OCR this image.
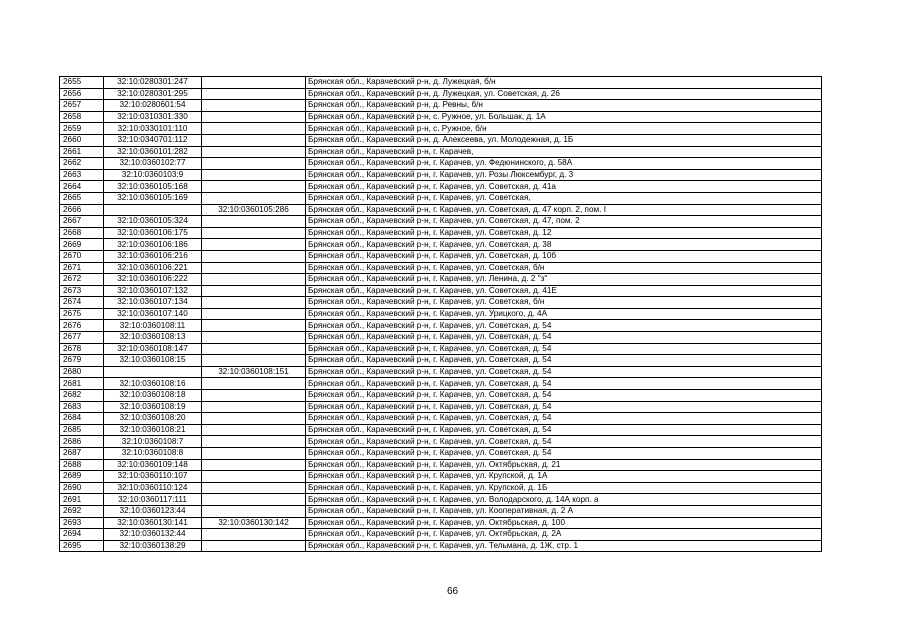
2655	32:10:0280301:247		Брянская обл., Карачевский р-н, д. Лужецкая, б/н
2656	32:10:0280301:295		Брянская обл., Карачевский р-н, д. Лужецкая, ул. Советская, д. 26
2657	32:10:0280601:54		Брянская обл., Карачевский р-н, д. Ревны, б/н
2658	32:10:0310301:330		Брянская обл., Карачевский р-н, с. Ружное, ул. Большак, д. 1А
2659	32:10:0330101:110		Брянская обл., Карачевский р-н, с. Ружное, б/н
2660	32:10:0340701:112		Брянская обл., Карачевский р-н, д. Алексеева, ул. Молодежная, д. 1Б
2661	32:10:0360101:282		Брянская обл., Карачевский р-н, г. Карачев,
2662	32:10:0360102:77		Брянская обл., Карачевский р-н, г. Карачев, ул. Федюнинского, д. 58А
2663	32:10:0360103:9		Брянская обл., Карачевский р-н, г. Карачев, ул. Розы Люксембург, д. 3
2664	32:10:0360105:168		Брянская обл., Карачевский р-н, г. Карачев, ул. Советская, д. 41а
2665	32:10:0360105:169		Брянская обл., Карачевский р-н, г. Карачев, ул. Советская,
2666		32:10:0360105:286	Брянская обл., Карачевский р-н, г. Карачев, ул. Советская, д. 47 корп. 2, пом. I
2667	32:10:0360105:324		Брянская обл., Карачевский р-н, г. Карачев, ул. Советская, д. 47, пом. 2
2668	32:10:0360106:175		Брянская обл., Карачевский р-н, г. Карачев, ул. Советская, д. 12
2669	32:10:0360106:186		Брянская обл., Карачевский р-н, г. Карачев, ул. Советская, д. 38
2670	32:10:0360106:216		Брянская обл., Карачевский р-н, г. Карачев, ул. Советская, д. 10б
2671	32:10:0360106:221		Брянская обл., Карачевский р-н, г. Карачев, ул. Советская, б/н
2672	32:10:0360106:222		Брянская обл., Карачевский р-н, г. Карачев, ул. Ленина, д. 2 "з"
2673	32:10:0360107:132		Брянская обл., Карачевский р-н, г. Карачев, ул. Советская, д. 41Е
2674	32:10:0360107:134		Брянская обл., Карачевский р-н, г. Карачев, ул. Советская, б/н
2675	32:10:0360107:140		Брянская обл., Карачевский р-н, г. Карачев, ул. Урицкого, д. 4А
2676	32:10:0360108:11		Брянская обл., Карачевский р-н, г. Карачев, ул. Советская, д. 54
2677	32:10:0360108:13		Брянская обл., Карачевский р-н, г. Карачев, ул. Советская, д. 54
2678	32:10:0360108:147		Брянская обл., Карачевский р-н, г. Карачев, ул. Советская, д. 54
2679	32:10:0360108:15		Брянская обл., Карачевский р-н, г. Карачев, ул. Советская, д. 54
2680		32:10:0360108:151	Брянская обл., Карачевский р-н, г. Карачев, ул. Советская, д. 54
2681	32:10:0360108:16		Брянская обл., Карачевский р-н, г. Карачев, ул. Советская, д. 54
2682	32:10:0360108:18		Брянская обл., Карачевский р-н, г. Карачев, ул. Советская, д. 54
2683	32:10:0360108:19		Брянская обл., Карачевский р-н, г. Карачев, ул. Советская, д. 54
2684	32:10:0360108:20		Брянская обл., Карачевский р-н, г. Карачев, ул. Советская, д. 54
2685	32:10:0360108:21		Брянская обл., Карачевский р-н, г. Карачев, ул. Советская, д. 54
2686	32:10:0360108:7		Брянская обл., Карачевский р-н, г. Карачев, ул. Советская, д. 54
2687	32:10:0360108:8		Брянская обл., Карачевский р-н, г. Карачев, ул. Советская, д. 54
2688	32:10:0360109:148		Брянская обл., Карачевский р-н, г. Карачев, ул. Октябрьская, д. 21
2689	32:10:0360110:107		Брянская обл., Карачевский р-н, г. Карачев, ул. Крупской, д. 1А
2690	32:10:0360110:124		Брянская обл., Карачевский р-н, г. Карачев, ул. Крупской, д. 1Б
2691	32:10:0360117:111		Брянская обл., Карачевский р-н, г. Карачев, ул. Володарского, д. 14А корп. а
2692	32:10:0360123:44		Брянская обл., Карачевский р-н, г. Карачев, ул. Кооперативная, д. 2 А
2693	32:10:0360130:141	32:10:0360130:142	Брянская обл., Карачевский р-н, г. Карачев, ул. Октябрьская, д. 100
2694	32:10:0360132:44		Брянская обл., Карачевский р-н, г. Карачев, ул. Октябрьская, д. 2А
2695	32:10:0360138:29		Брянская обл., Карачевский р-н, г. Карачев, ул. Тельмана, д. 1Ж, стр. 1
66
